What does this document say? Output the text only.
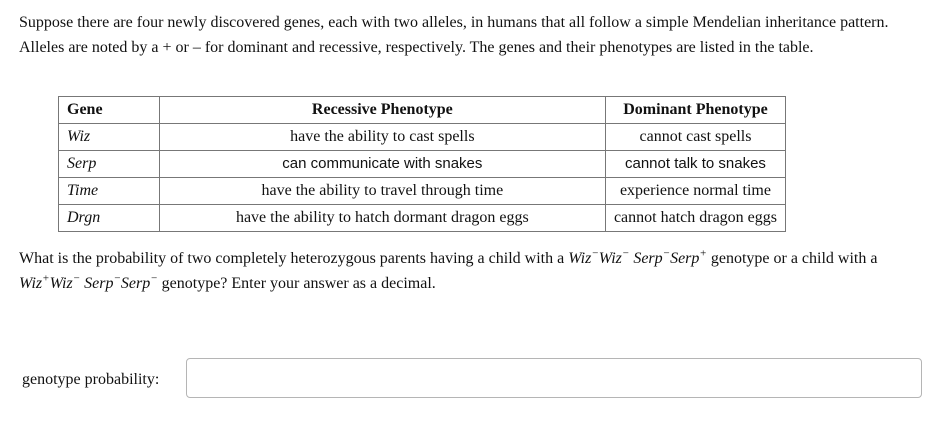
Suppose there are four newly discovered genes, each with two alleles, in humans that all follow a simple Mendelian inheritance pattern. Alleles are noted by a + or – for dominant and recessive, respectively. The genes and their phenotypes are listed in the table.

Gene	Recessive Phenotype	Dominant Phenotype
Wiz	have the ability to cast spells	cannot cast spells
Serp	can communicate with snakes	cannot talk to snakes
Time	have the ability to travel through time	experience normal time
Drgn	have the ability to hatch dormant dragon eggs	cannot hatch dragon eggs

What is the probability of two completely heterozygous parents having a child with a Wiz−Wiz− Serp−Serp+ genotype or a child with a Wiz+Wiz− Serp−Serp− genotype? Enter your answer as a decimal.

genotype probability:
